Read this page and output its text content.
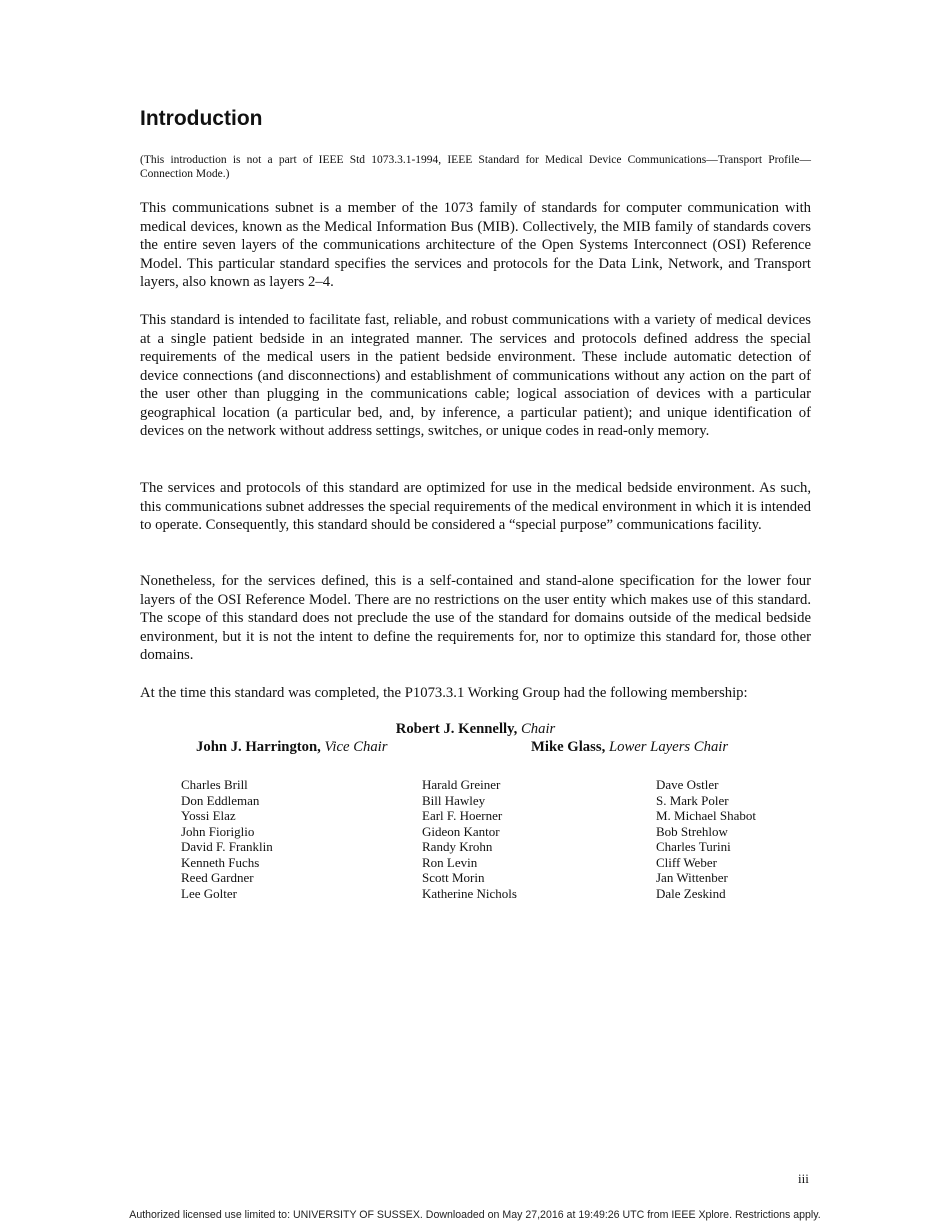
Introduction

(This introduction is not a part of IEEE Std 1073.3.1-1994, IEEE Standard for Medical Device Communications—Transport Profile—Connection Mode.)

This communications subnet is a member of the 1073 family of standards for computer communication with medical devices, known as the Medical Information Bus (MIB). Collectively, the MIB family of standards covers the entire seven layers of the communications architecture of the Open Systems Interconnect (OSI) Reference Model. This particular standard specifies the services and protocols for the Data Link, Network, and Transport layers, also known as layers 2–4.

This standard is intended to facilitate fast, reliable, and robust communications with a variety of medical devices at a single patient bedside in an integrated manner. The services and protocols defined address the special requirements of the medical users in the patient bedside environment. These include automatic detection of device connections (and disconnections) and establishment of communications without any action on the part of the user other than plugging in the communications cable; logical association of devices with a particular geographical location (a particular bed, and, by inference, a particular patient); and unique identification of devices on the network without address settings, switches, or unique codes in read-only memory.

The services and protocols of this standard are optimized for use in the medical bedside environment. As such, this communications subnet addresses the special requirements of the medical environment in which it is intended to operate. Consequently, this standard should be considered a “special purpose” communications facility.

Nonetheless, for the services defined, this is a self-contained and stand-alone specification for the lower four layers of the OSI Reference Model. There are no restrictions on the user entity which makes use of this standard. The scope of this standard does not preclude the use of the standard for domains outside of the medical bedside environment, but it is not the intent to define the requirements for, nor to optimize this standard for, those other domains.

At the time this standard was completed, the P1073.3.1 Working Group had the following membership:

Robert J. Kennelly, Chair
John J. Harrington, Vice Chair	Mike Glass, Lower Layers Chair
Charles Brill
Don Eddleman
Yossi Elaz
John Fioriglio
David F. Franklin
Kenneth Fuchs
Reed Gardner
Lee Golter
Harald Greiner
Bill Hawley
Earl F. Hoerner
Gideon Kantor
Randy Krohn
Ron Levin
Scott Morin
Katherine Nichols
Dave Ostler
S. Mark Poler
M. Michael Shabot
Bob Strehlow
Charles Turini
Cliff Weber
Jan Wittenber
Dale Zeskind
iii
Authorized licensed use limited to: UNIVERSITY OF SUSSEX. Downloaded on May 27,2016 at 19:49:26 UTC from IEEE Xplore. Restrictions apply.
